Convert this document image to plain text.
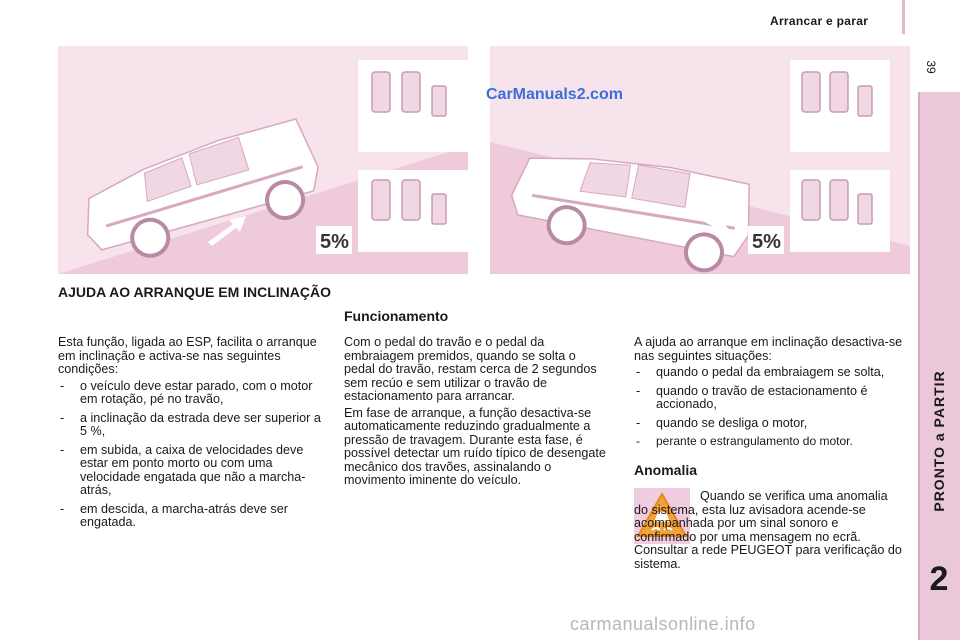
Arrancar e parar
39
PRONTO a PARTIR
2
5%	5%
CarManuals2.com
AJUDA AO ARRANQUE EM INCLINAÇÃO

Esta função, ligada ao ESP, facilita o arranque em inclinação e activa-se nas seguintes condições:

- o veículo deve estar parado, com o motor em rotação, pé no travão,
- a inclinação da estrada deve ser superior a 5 %,
- em subida, a caixa de velocidades deve estar em ponto morto ou com uma velocidade engatada que não a marcha-atrás,
- em descida, a marcha-atrás deve ser engatada.
Funcionamento

Com o pedal do travão e o pedal da embraiagem premidos, quando se solta o pedal do travão, restam cerca de 2 segundos sem recúo e sem utilizar o travão de estacionamento para arrancar.

Em fase de arranque, a função desactiva-se automaticamente reduzindo gradualmente a pressão de travagem. Durante esta fase, é possível detectar um ruído típico de desengate mecânico dos travões, assinalando o movimento iminente do veículo.

A ajuda ao arranque em inclinação desactiva-se nas seguintes situações:

- quando o pedal da embraiagem se solta,
- quando o travão de estacionamento é accionado,
- quando se desliga o motor,
- perante o estrangulamento do motor.
Anomalia
Quando se verifica uma anomalia do sistema, esta luz avisadora acende-se acompanhada por um sinal sonoro e confirmado por uma mensagem no ecrã. Consultar a rede PEUGEOT para verificação do sistema.
carmanualsonline.info
